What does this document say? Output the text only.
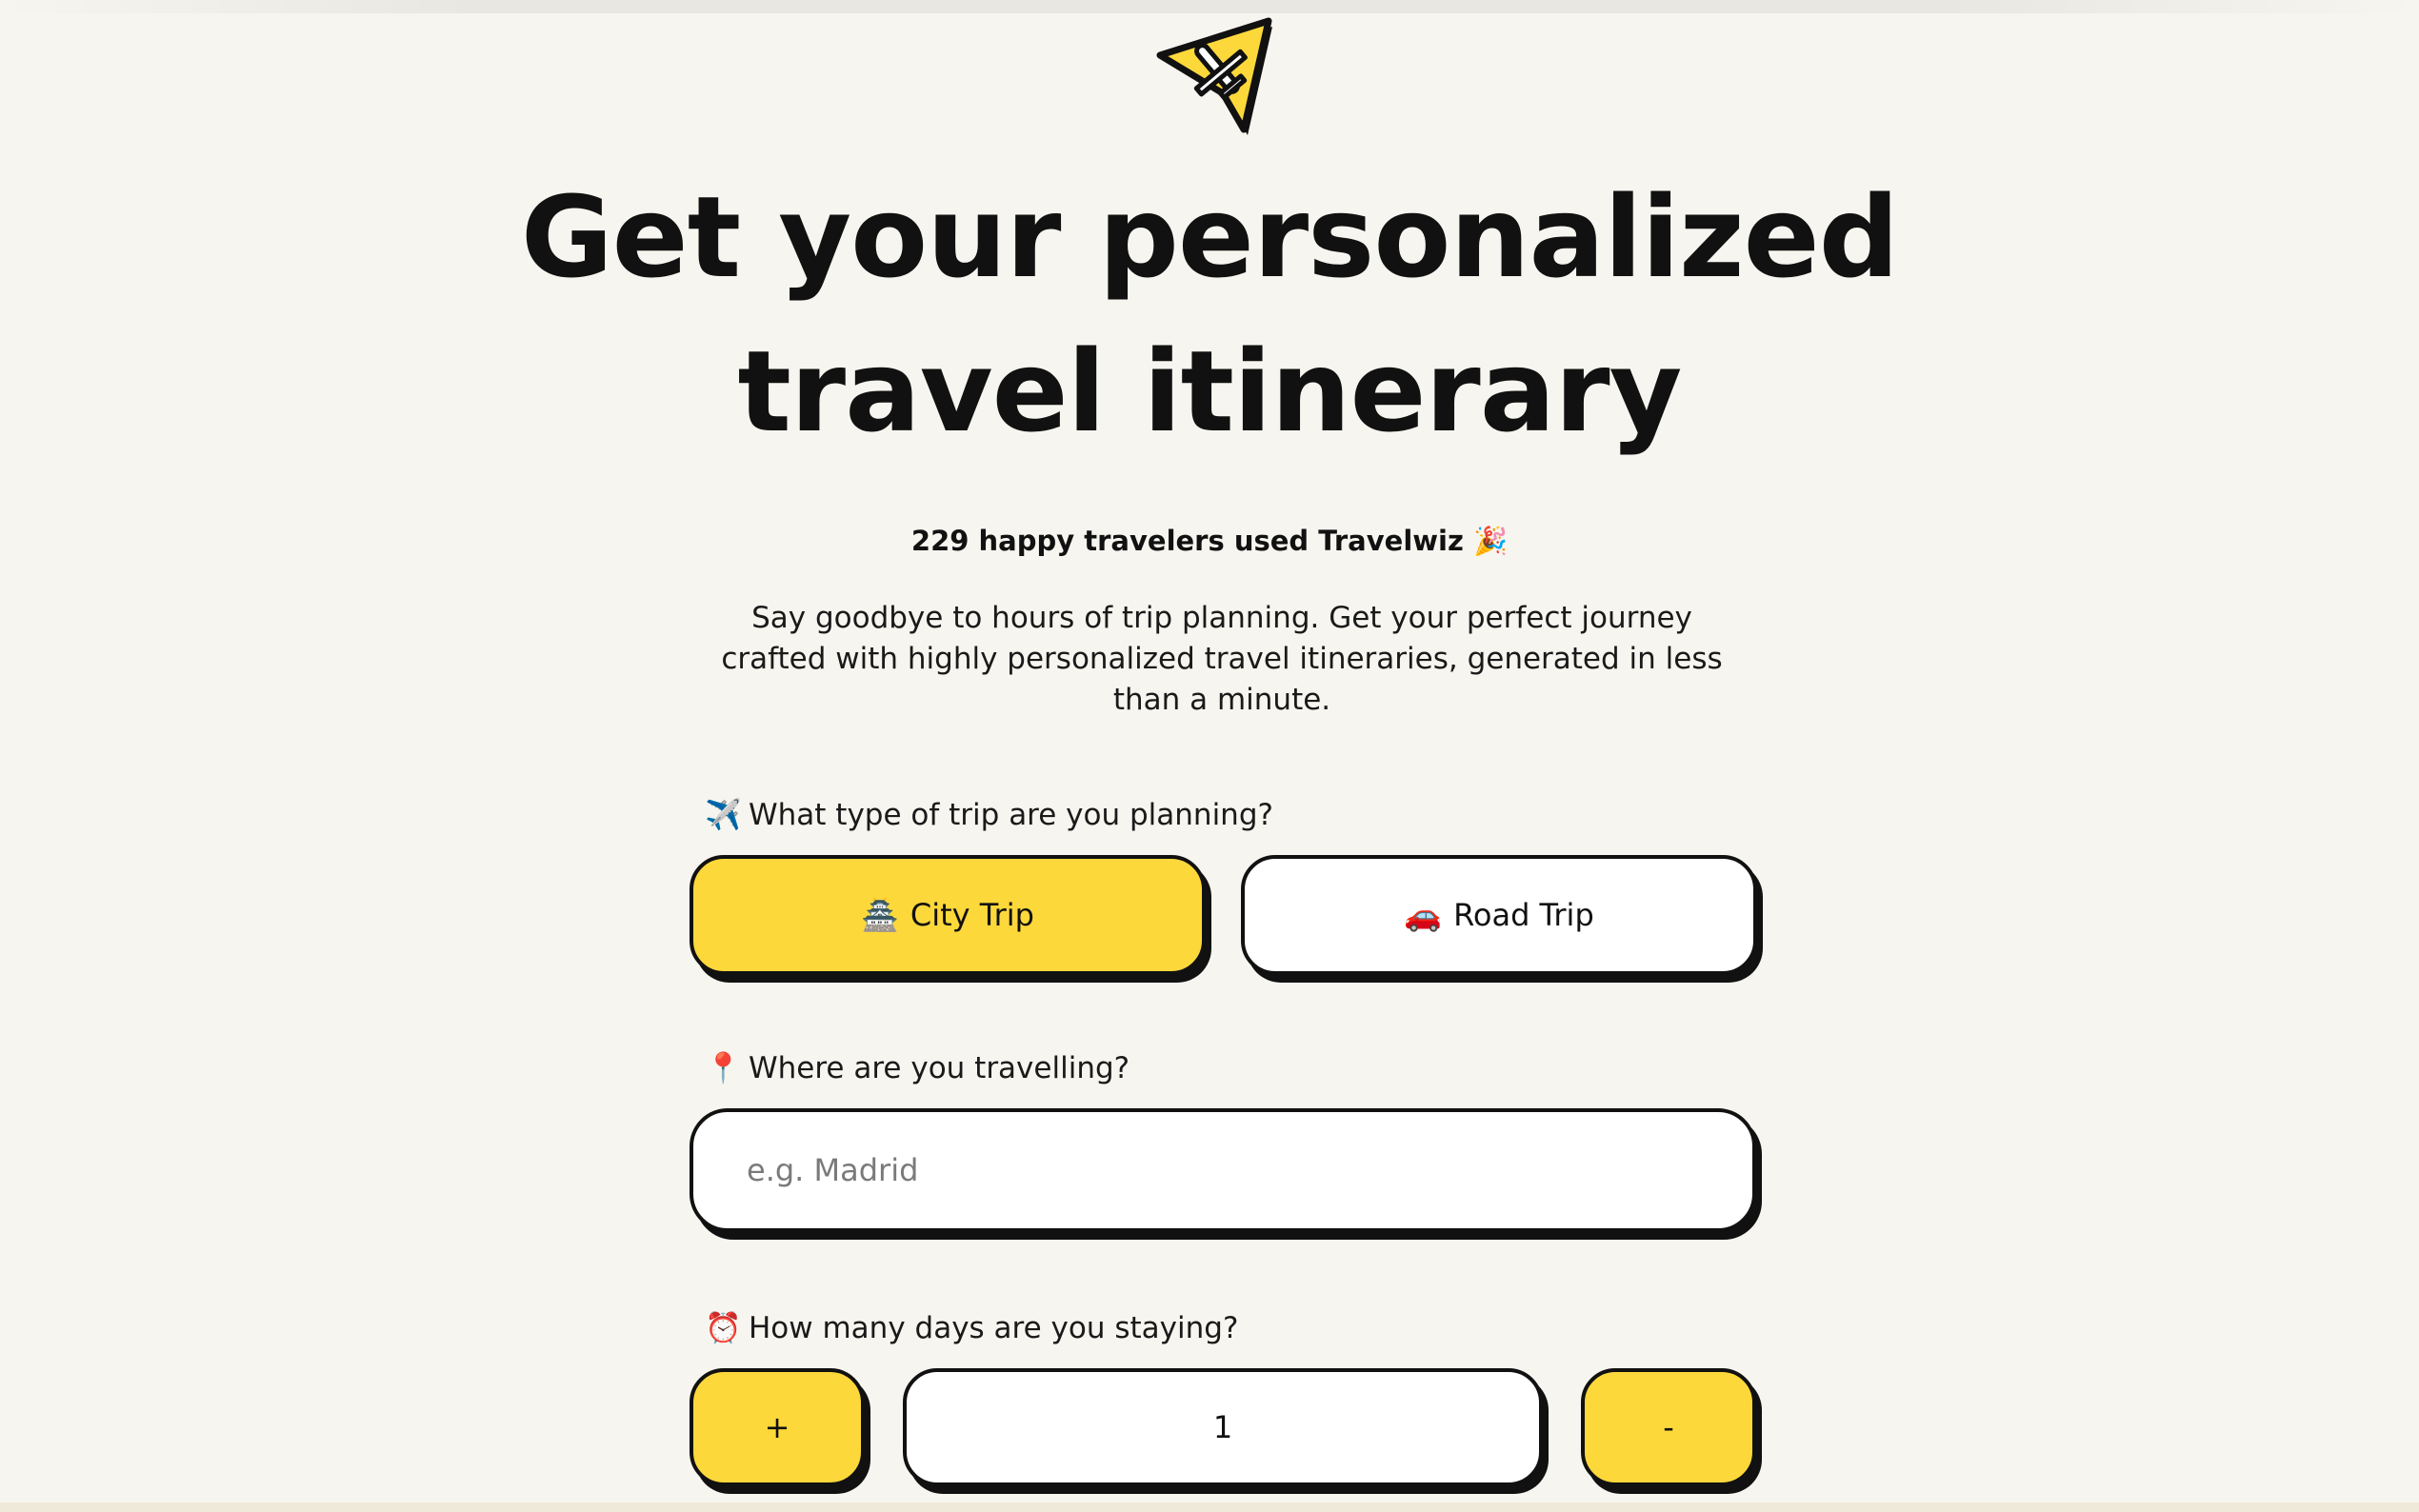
Get your personalized
travel itinerary
229 happy travelers used Travelwiz 🎉
Say goodbye to hours of trip planning. Get your perfect journey crafted with highly personalized travel itineraries, generated in less than a minute.
✈️ What type of trip are you planning?
🏯 City Trip	🚗 Road Trip
📍 Where are you travelling?
e.g. Madrid
⏰ How many days are you staying?
+	1	-
